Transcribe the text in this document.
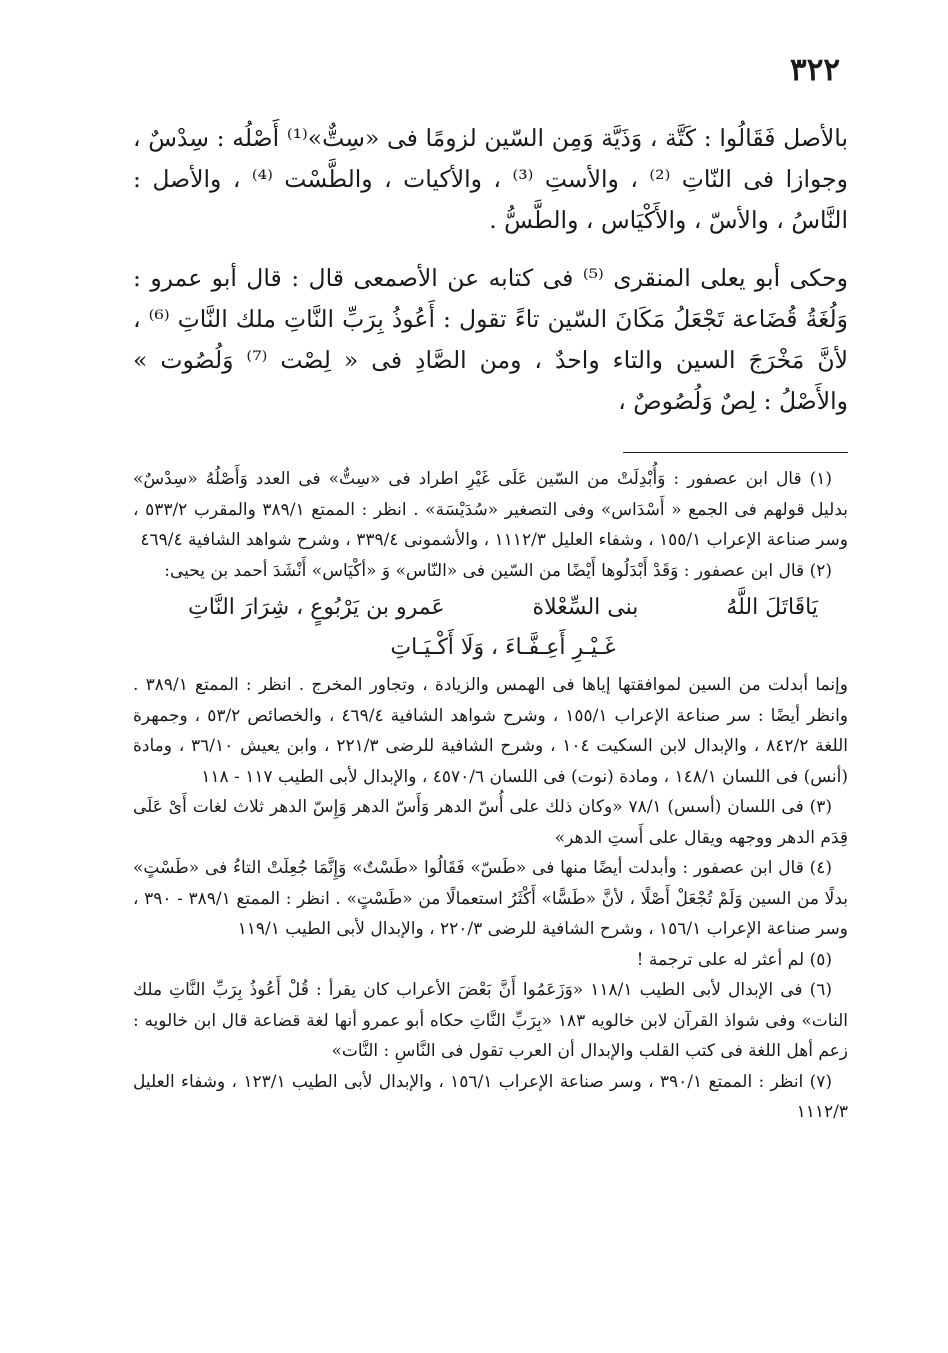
٣٢٢

بالأصل فَقَالُوا : كَتَّة ، وَذَيَّة وَمِن السّين لزومًا فى «سِتٌّ»⁽¹⁾ أَصْلُه : سِدْسٌ ، وجوازا فى النّاتِ ⁽²⁾ ، والأستِ ⁽³⁾ ، والأكيات ، والطَّسْت ⁽⁴⁾ ، والأصل : النَّاسُ ، والأسّ ، والأَكْيَاس ، والطَّسُّ .

وحكى أبو يعلى المنقرى ⁽⁵⁾ فى كتابه عن الأصمعى قال : قال أبو عمرو : وَلُغَةُ قُضَاعة تَجْعَلُ مَكَانَ السّين تاءً تقول : أَعُوذُ بِرَبِّ النَّاتِ ملك النَّاتِ ⁽⁶⁾ ، لأنَّ مَخْرَجَ السين والتاء واحدٌ ، ومن الصَّادِ فى « لِصْت ⁽⁷⁾ وَلُصُوت » والأَصْلُ : لِصٌ وَلُصُوصٌ ،

(١) قال ابن عصفور : وَأُبْدِلَتْ من السّين عَلَى غَيْرِ اطراد فى «سِتٌّ» فى العدد وَأَصْلُهُ «سِدْسٌ» بدليل قولهم فى الجمع « أَسْدَاس» وفى التصغير «سُدَيْسَة» . انظر : الممتع ٣٨٩/١ والمقرب ٥٣٣/٢ ، وسر صناعة الإعراب ١٥٥/١ ، وشفاء العليل ١١١٢/٣ ، والأشمونى ٣٣٩/٤ ، وشرح شواهد الشافية ٤٦٩/٤

(٢) قال ابن عصفور : وَقَدْ أَبْدَلُوها أَيْضًا من السّين فى «النّاس» وَ «أكْيَاس» أَنْشَدَ أحمد بن يحيى:

يَاقَاتَلَ اللَّهُ
بنى السِّعْلاة
عَمرو بن يَرْبُوعٍ ، شِرَارَ النَّاتِ
غَـيْـرِ أَعِـفَّـاءَ ، وَلَا أَكْـيَـاتِ

وإنما أبدلت من السين لموافقتها إياها فى الهمس والزيادة ، وتجاور المخرج . انظر : الممتع ٣٨٩/١ . وانظر أيضًا : سر صناعة الإعراب ١٥٥/١ ، وشرح شواهد الشافية ٤٦٩/٤ ، والخصائص ٥٣/٢ ، وجمهرة اللغة ٨٤٢/٢ ، والإبدال لابن السكيت ١٠٤ ، وشرح الشافية للرضى ٢٢١/٣ ، وابن يعيش ٣٦/١٠ ، ومادة (أنس) فى اللسان ١٤٨/١ ، ومادة (نوت) فى اللسان ٤٥٧٠/٦ ، والإبدال لأبى الطيب ١١٧ - ١١٨

(٣) فى اللسان (أسس) ٧٨/١ «وكان ذلك على أُسّ الدهر وَأَسّ الدهر وَإِسّ الدهر ثلاث لغات أَىْ عَلَى قِدَم الدهر ووجهه ويقال على أَستِ الدهر»

(٤) قال ابن عصفور : وأبدلت أيضًا منها فى «طَسّ» فَقَالُوا «طَسْتٌ» وَإِنَّمَا جُعِلَتْ التاءُ فى «طَسْتٍ» بدلًا من السين وَلَمْ تُجْعَلْ أَصْلًا ، لأنَّ «طَسًّا» أَكْثَرُ استعمالًا من «طَسْتٍ» . انظر : الممتع ٣٨٩/١ - ٣٩٠ ، وسر صناعة الإعراب ١٥٦/١ ، وشرح الشافية للرضى ٢٢٠/٣ ، والإبدال لأبى الطيب ١١٩/١

(٥) لم أعثر له على ترجمة !

(٦) فى الإبدال لأبى الطيب ١١٨/١ «وَزَعَمُوا أَنَّ بَعْضَ الأعراب كان يقرأ : قُلْ أَعُوذُ بِرَبِّ النَّاتِ ملك النات» وفى شواذ القرآن لابن خالويه ١٨٣ «بِرَبِّ النَّاتِ حكاه أبو عمرو أنها لغة قضاعة قال ابن خالويه : زعم أهل اللغة فى كتب القلب والإبدال أن العرب تقول فى النَّاسِ : النَّات»

(٧) انظر : الممتع ٣٩٠/١ ، وسر صناعة الإعراب ١٥٦/١ ، والإبدال لأبى الطيب ١٢٣/١ ، وشفاء العليل ١١١٢/٣
